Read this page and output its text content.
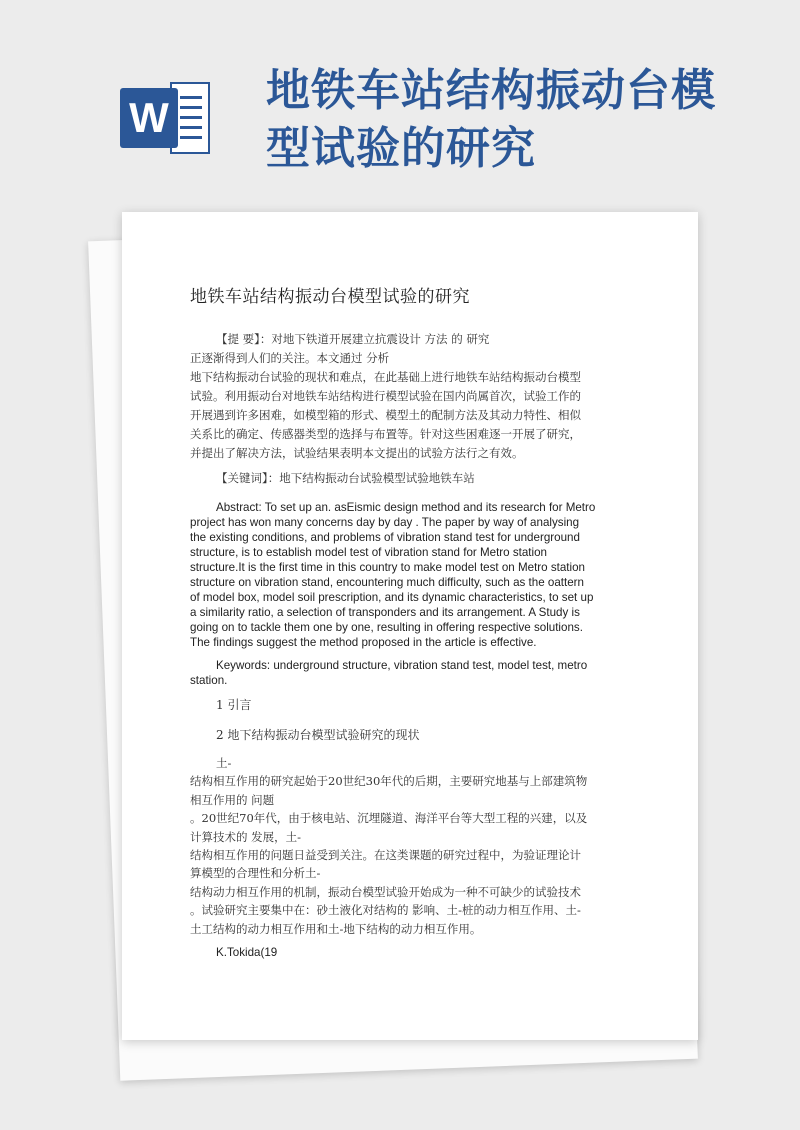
W
地铁车站结构振动台模型试验的研究
地铁车站结构振动台模型试验的研究
【提 要】：对地下铁道开展建立抗震设计 方法 的 研究
正逐渐得到人们的关注。本文通过 分析
地下结构振动台试验的现状和难点，在此基础上进行地铁车站结构振动台模型
试验。利用振动台对地铁车站结构进行模型试验在国内尚属首次，试验工作的
开展遇到许多困难，如模型箱的形式、模型土的配制方法及其动力特性、相似
关系比的确定、传感器类型的选择与布置等。针对这些困难逐一开展了研究，
并提出了解决方法，试验结果表明本文提出的试验方法行之有效。
【关键词】：地下结构振动台试验模型试验地铁车站
Abstract: To set up an. asEismic design method and its research for Metro
project has won many concerns day by day . The paper by way of analysing
the existing conditions, and problems of vibration stand test for underground
structure, is to establish model test of vibration stand for Metro station
structure.It is the first time in this country to make model test on Metro station
structure on vibration stand, encountering much difficulty, such as the oattern
of model box, model soil prescription, and its dynamic characteristics, to set up
a similarity ratio, a selection of transponders and its arrangement. A Study is
going on to tackle them one by one, resulting in offering respective solutions.
The findings suggest the method proposed in the article is effective.
Keywords: underground structure, vibration stand test, model test, metro
station.
1 引言
2 地下结构振动台模型试验研究的现状
土-
结构相互作用的研究起始于20世纪30年代的后期，主要研究地基与上部建筑物
相互作用的 问题
。20世纪70年代，由于核电站、沉埋隧道、海洋平台等大型工程的兴建，以及
计算技术的 发展，土-
结构相互作用的问题日益受到关注。在这类课题的研究过程中，为验证理论计
算模型的合理性和分析土-
结构动力相互作用的机制，振动台模型试验开始成为一种不可缺少的试验技术
。试验研究主要集中在：砂土液化对结构的 影响、土-桩的动力相互作用、土-
土工结构的动力相互作用和土-地下结构的动力相互作用。
K.Tokida(19
